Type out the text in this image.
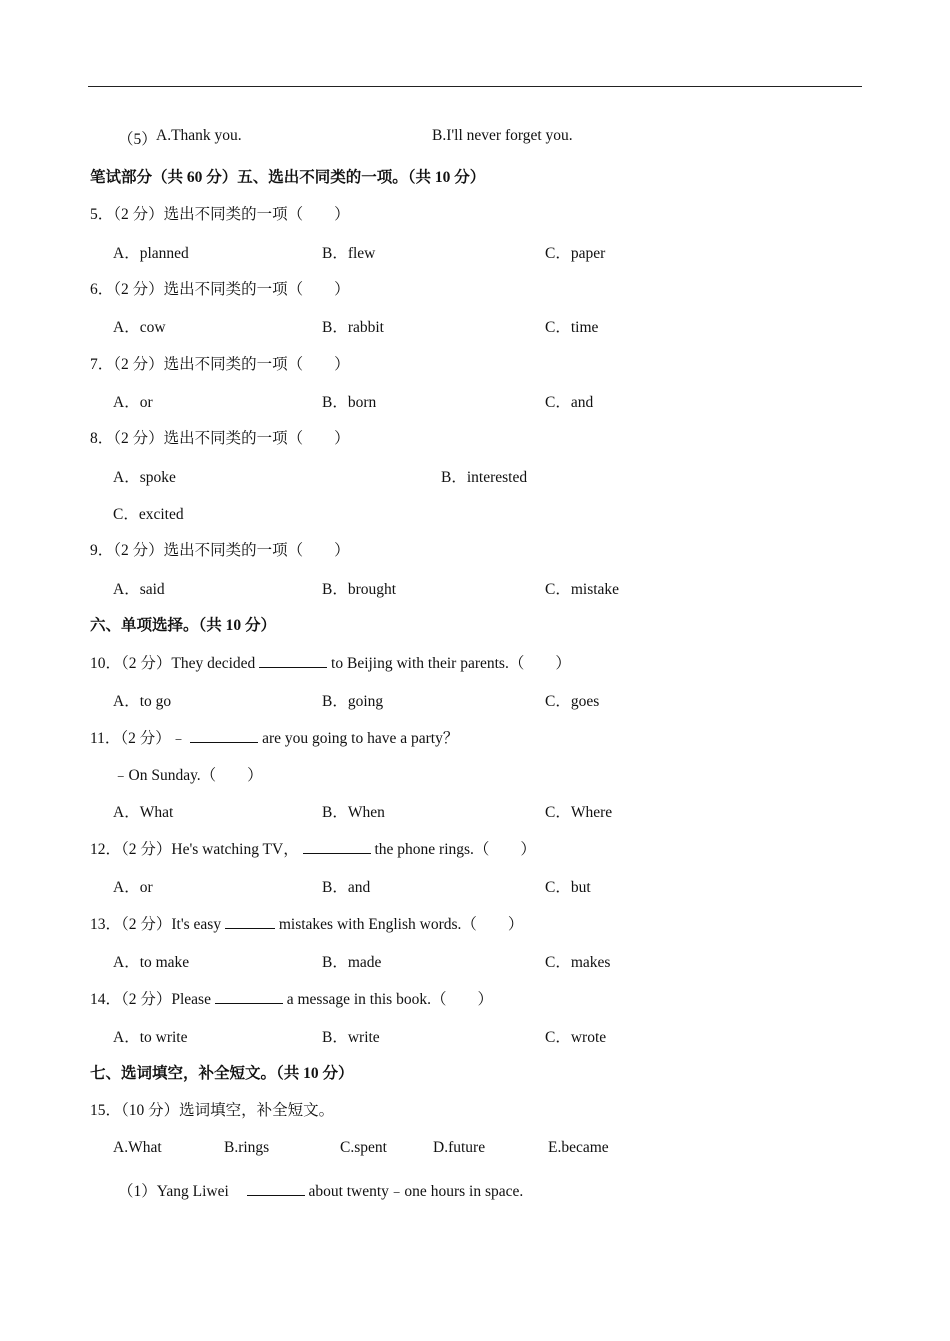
（5） A.Thank you.	B.I'll never forget you.
笔试部分（共 60 分）五、选出不同类的一项。（共 10 分）
5．（2 分）选出不同类的一项（　　）
A．planned	B．flew	C．paper
6．（2 分）选出不同类的一项（　　）
A．cow	B．rabbit	C．time
7．（2 分）选出不同类的一项（　　）
A．or	B．born	C．and
8．（2 分）选出不同类的一项（　　）
A．spoke	B．interested
C．excited
9．（2 分）选出不同类的一项（　　）
A．said	B．brought	C．mistake
六、单项选择。（共 10 分）
10．（2 分）They decided	to Beijing with their parents.（　　）
A．to go	B．going	C．goes
11．（2 分）﹣	are you going to have a party？
﹣On Sunday.（　　）
A．What	B．When	C．Where
12．（2 分）He's watching TV，	the phone rings.（　　）
A．or	B．and	C．but
13．（2 分）It's easy	mistakes with English words.（　　）
A．to make	B．made	C．makes
14．（2 分）Please	a message in this book.（　　）
A．to write	B．write	C．wrote
七、选词填空，补全短文。（共 10 分）
15．（10 分）选词填空，补全短文。
A.What	B.rings	C.spent	D.future	E.became
（1）Yang Liwei	about twenty﹣one hours in space.
